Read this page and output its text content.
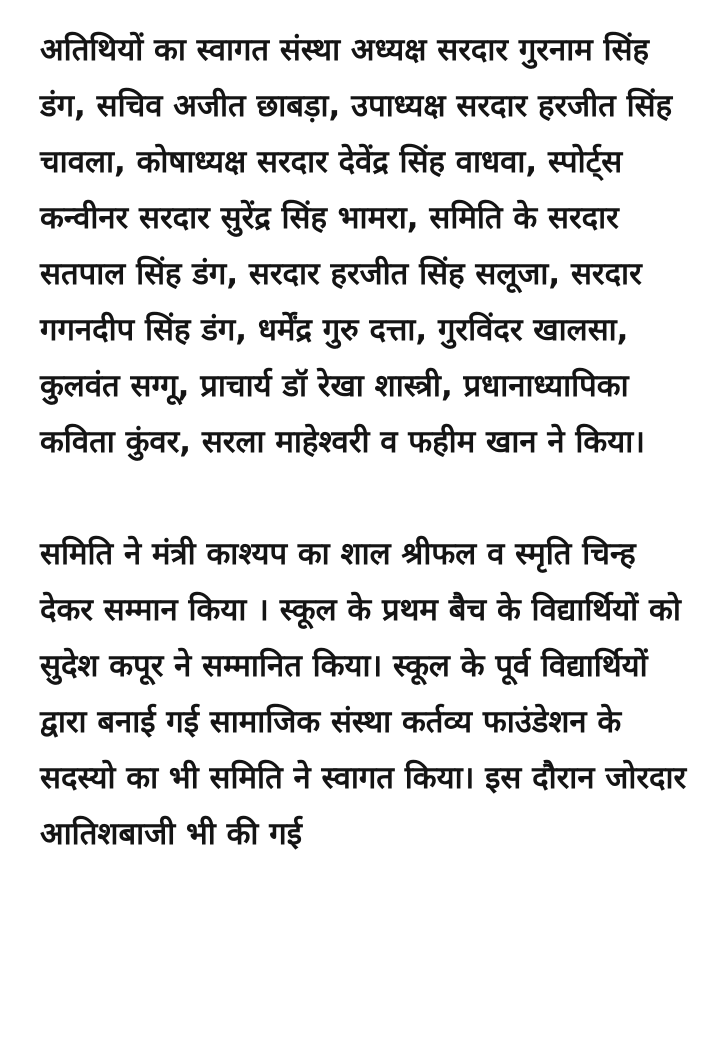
अतिथियों का स्वागत संस्था अध्यक्ष सरदार गुरनाम सिंह डंग, सचिव अजीत छाबड़ा, उपाध्यक्ष सरदार हरजीत सिंह चावला, कोषाध्यक्ष सरदार देवेंद्र सिंह वाधवा, स्पोर्ट्स कन्वीनर सरदार सुरेंद्र सिंह भामरा, समिति के सरदार सतपाल सिंह डंग, सरदार हरजीत सिंह सलूजा, सरदार गगनदीप सिंह डंग, धर्मेंद्र गुरु दत्ता, गुरविंदर खालसा, कुलवंत सग्गू, प्राचार्य डॉ रेखा शास्त्री, प्रधानाध्यापिका कविता कुंवर, सरला माहेश्वरी व फहीम खान ने किया।

समिति ने मंत्री काश्यप का शाल श्रीफल व स्मृति चिन्ह देकर सम्मान किया । स्कूल के प्रथम बैच के विद्यार्थियों को सुदेश कपूर ने सम्मानित किया। स्कूल के पूर्व विद्यार्थियों द्वारा बनाई गई सामाजिक संस्था कर्तव्य फाउंडेशन के सदस्यो का भी समिति ने स्वागत किया। इस दौरान जोरदार आतिशबाजी भी की गई
